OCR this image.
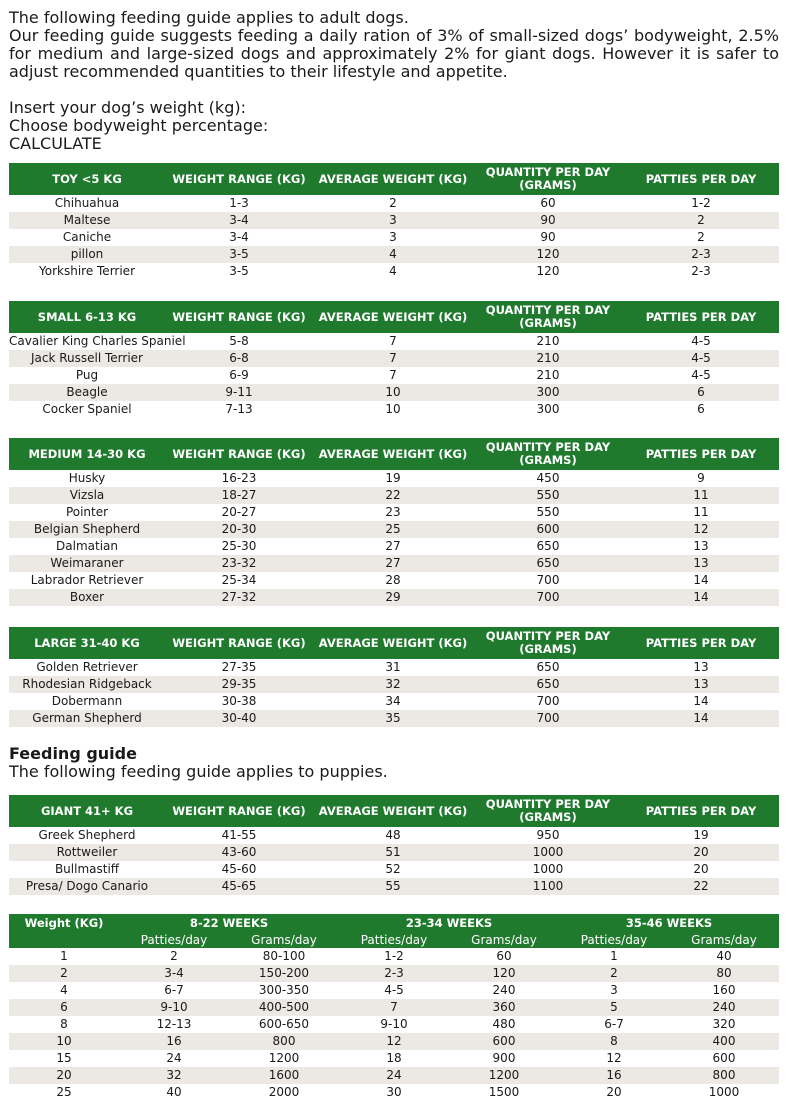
The following feeding guide applies to adult dogs.

Our feeding guide suggests feeding a daily ration of 3% of small-sized dogs’ bodyweight, 2.5% for medium and large-sized dogs and approximately 2% for giant dogs. However it is safer to adjust recommended quantities to their lifestyle and appetite.

Insert your dog’s weight (kg):
Choose bodyweight percentage:
CALCULATE
TOY <5 KG	WEIGHT RANGE (KG)	AVERAGE WEIGHT (KG)	QUANTITY PER DAY (GRAMS)	PATTIES PER DAY
Chihuahua	1-3	2	60	1-2
Maltese	3-4	3	90	2
Caniche	3-4	3	90	2
pillon	3-5	4	120	2-3
Yorkshire Terrier	3-5	4	120	2-3
SMALL 6-13 KG	WEIGHT RANGE (KG)	AVERAGE WEIGHT (KG)	QUANTITY PER DAY (GRAMS)	PATTIES PER DAY
Cavalier King Charles Spaniel	5-8	7	210	4-5
Jack Russell Terrier	6-8	7	210	4-5
Pug	6-9	7	210	4-5
Beagle	9-11	10	300	6
Cocker Spaniel	7-13	10	300	6
MEDIUM 14-30 KG	WEIGHT RANGE (KG)	AVERAGE WEIGHT (KG)	QUANTITY PER DAY (GRAMS)	PATTIES PER DAY
Husky	16-23	19	450	9
Vizsla	18-27	22	550	11
Pointer	20-27	23	550	11
Belgian Shepherd	20-30	25	600	12
Dalmatian	25-30	27	650	13
Weimaraner	23-32	27	650	13
Labrador Retriever	25-34	28	700	14
Boxer	27-32	29	700	14
LARGE 31-40 KG	WEIGHT RANGE (KG)	AVERAGE WEIGHT (KG)	QUANTITY PER DAY (GRAMS)	PATTIES PER DAY
Golden Retriever	27-35	31	650	13
Rhodesian Ridgeback	29-35	32	650	13
Dobermann	30-38	34	700	14
German Shepherd	30-40	35	700	14
Feeding guide
The following feeding guide applies to puppies.
GIANT 41+ KG	WEIGHT RANGE (KG)	AVERAGE WEIGHT (KG)	QUANTITY PER DAY (GRAMS)	PATTIES PER DAY
Greek Shepherd	41-55	48	950	19
Rottweiler	43-60	51	1000	20
Bullmastiff	45-60	52	1000	20
Presa/ Dogo Canario	45-65	55	1100	22
Weight (KG)	8-22 WEEKS		23-34 WEEKS		35-46 WEEKS	
	Patties/day	Grams/day	Patties/day	Grams/day	Patties/day	Grams/day
1	2	80-100	1-2	60	1	40
2	3-4	150-200	2-3	120	2	80
4	6-7	300-350	4-5	240	3	160
6	9-10	400-500	7	360	5	240
8	12-13	600-650	9-10	480	6-7	320
10	16	800	12	600	8	400
15	24	1200	18	900	12	600
20	32	1600	24	1200	16	800
25	40	2000	30	1500	20	1000
